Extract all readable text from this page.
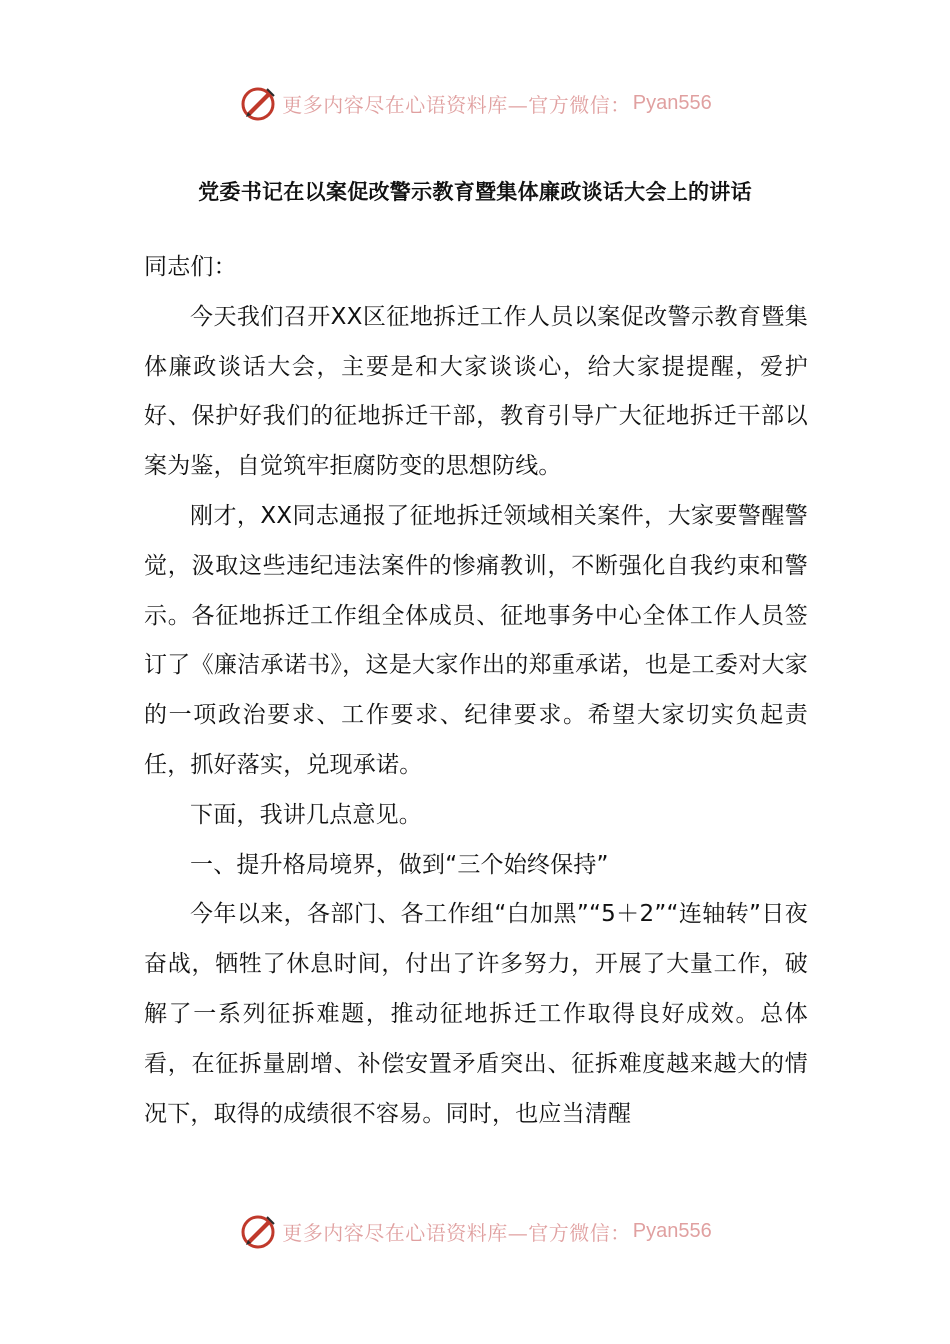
更多内容尽在心语资料库—官方微信： Pyan556
党委书记在以案促改警示教育暨集体廉政谈话大会上的讲话

同志们：

今天我们召开XX区征地拆迁工作人员以案促改警示教育暨集体廉政谈话大会，主要是和大家谈谈心，给大家提提醒，爱护好、保护好我们的征地拆迁干部，教育引导广大征地拆迁干部以案为鉴，自觉筑牢拒腐防变的思想防线。

刚才，XX同志通报了征地拆迁领域相关案件，大家要警醒警觉，汲取这些违纪违法案件的惨痛教训，不断强化自我约束和警示。各征地拆迁工作组全体成员、征地事务中心全体工作人员签订了《廉洁承诺书》，这是大家作出的郑重承诺，也是工委对大家的一项政治要求、工作要求、纪律要求。希望大家切实负起责任，抓好落实，兑现承诺。

下面，我讲几点意见。

一、提升格局境界，做到“三个始终保持”

今年以来，各部门、各工作组“白加黑”“5＋2”“连轴转”日夜奋战，牺牲了休息时间，付出了许多努力，开展了大量工作，破解了一系列征拆难题，推动征地拆迁工作取得良好成效。总体看，在征拆量剧增、补偿安置矛盾突出、征拆难度越来越大的情况下，取得的成绩很不容易。同时，也应当清醒

更多内容尽在心语资料库—官方微信： Pyan556
